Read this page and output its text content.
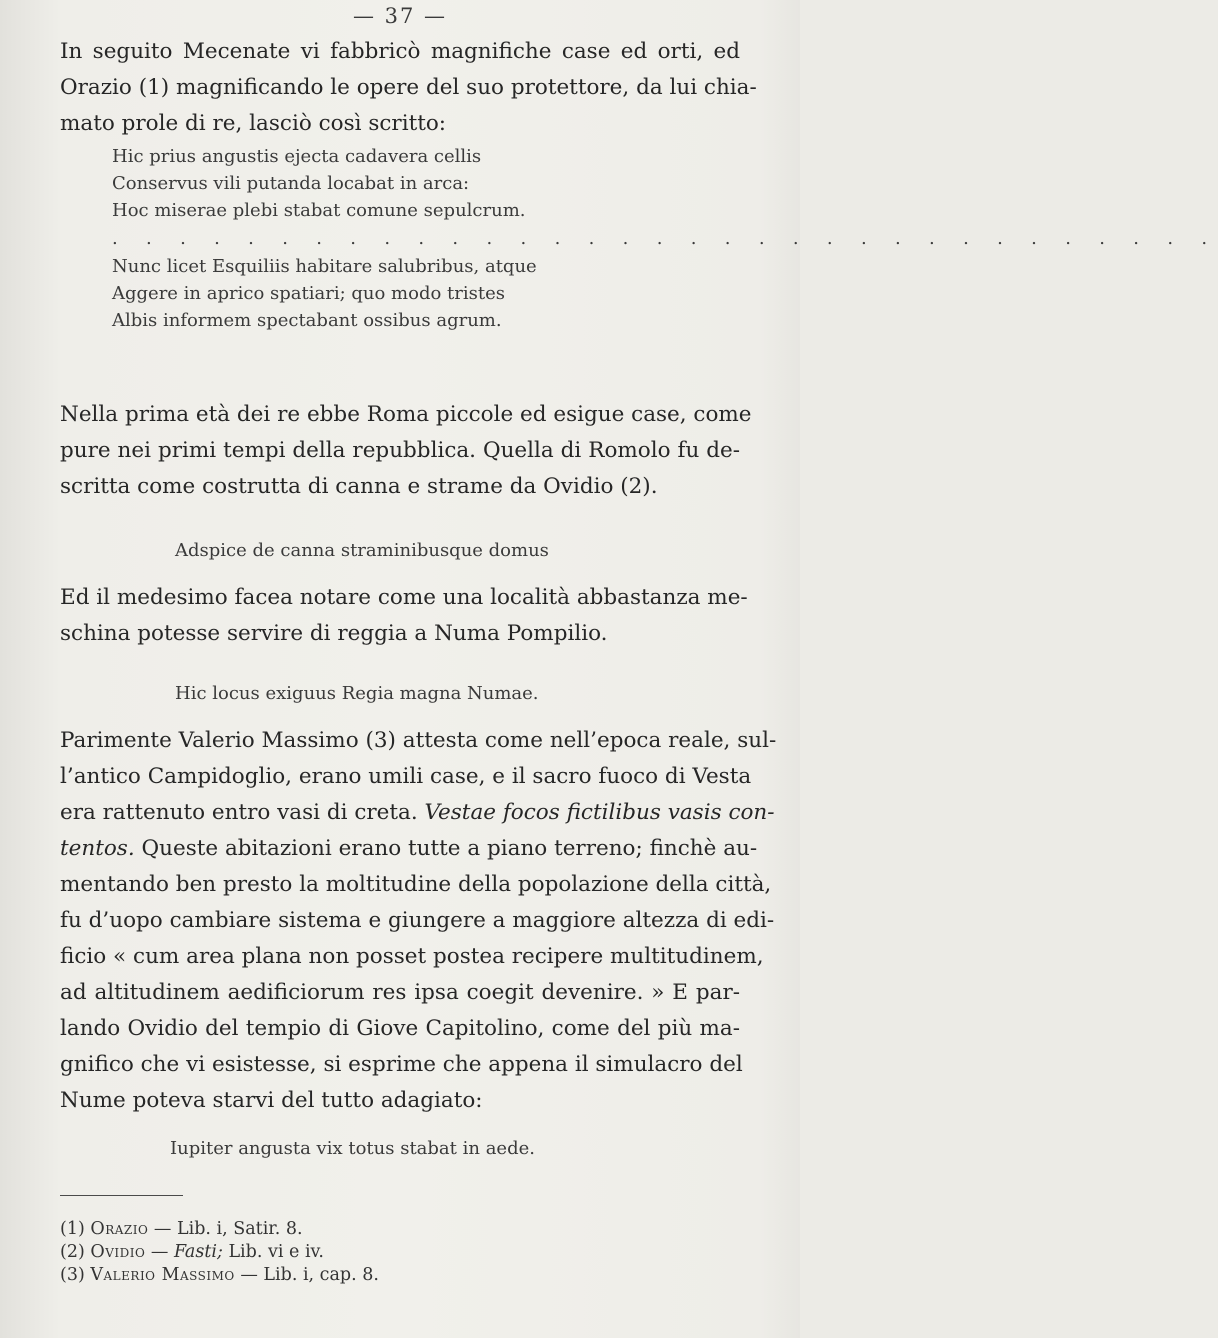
— 37 —
In seguito Mecenate vi fabbricò magnifiche case ed orti, ed
Orazio (1) magnificando le opere del suo protettore, da lui chia-
mato prole di re, lasciò così scritto:
Hic prius angustis ejecta cadavera cellis
Conservus vili putanda locabat in arca:
Hoc miserae plebi stabat comune sepulcrum.
. . . . . . . . . . . . . . . . . . . . . . . . . . . . . . . . .
Nunc licet Esquiliis habitare salubribus, atque
Aggere in aprico spatiari; quo modo tristes
Albis informem spectabant ossibus agrum.
Nella prima età dei re ebbe Roma piccole ed esigue case, come
pure nei primi tempi della repubblica. Quella di Romolo fu de-
scritta come costrutta di canna e strame da Ovidio (2).
Adspice de canna straminibusque domus
Ed il medesimo facea notare come una località abbastanza me-
schina potesse servire di reggia a Numa Pompilio.
Hic locus exiguus Regia magna Numae.
Parimente Valerio Massimo (3) attesta come nell’epoca reale, sul-
l’antico Campidoglio, erano umili case, e il sacro fuoco di Vesta
era rattenuto entro vasi di creta. Vestae focos fictilibus vasis con-
tentos. Queste abitazioni erano tutte a piano terreno; finchè au-
mentando ben presto la moltitudine della popolazione della città,
fu d’uopo cambiare sistema e giungere a maggiore altezza di edi-
ficio « cum area plana non posset postea recipere multitudinem,
ad altitudinem aedificiorum res ipsa coegit devenire. » E par-
lando Ovidio del tempio di Giove Capitolino, come del più ma-
gnifico che vi esistesse, si esprime che appena il simulacro del
Nume poteva starvi del tutto adagiato:
Iupiter angusta vix totus stabat in aede.
(1) Orazio — Lib. i, Satir. 8.
(2) Ovidio — Fasti; Lib. vi e iv.
(3) Valerio Massimo — Lib. i, cap. 8.
